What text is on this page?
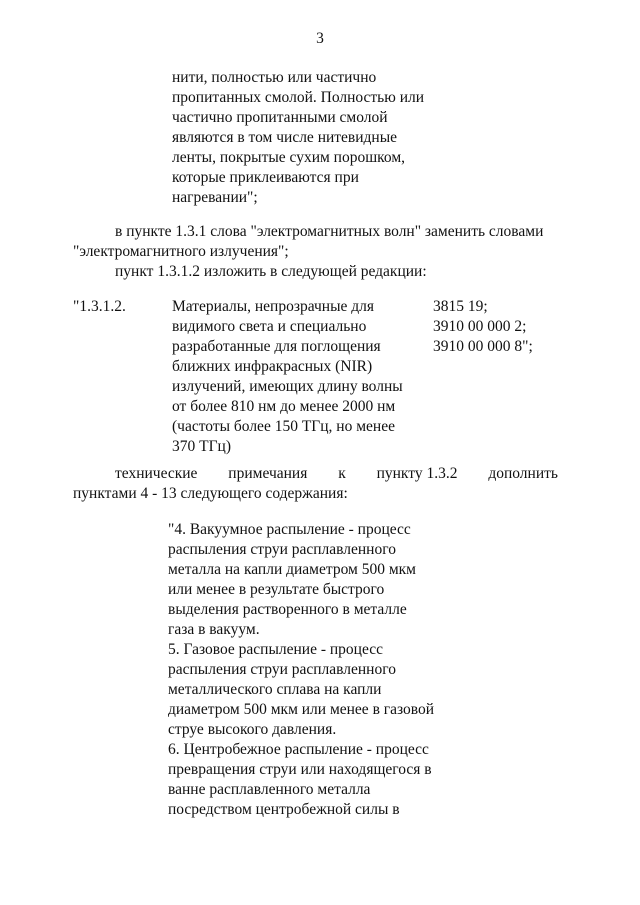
3
нити, полностью или частично
пропитанных смолой. Полностью или
частично пропитанными смолой
являются в том числе нитевидные
ленты, покрытые сухим порошком,
которые приклеиваются при
нагревании";
в пункте 1.3.1 слова "электромагнитных волн" заменить словами
"электромагнитного излучения";
пункт 1.3.1.2 изложить в следующей редакции:
"1.3.1.2.	Материалы, непрозрачные для
видимого света и специально
разработанные для поглощения
ближних инфракрасных (NIR)
излучений, имеющих длину волны
от более 810 нм до менее 2000 нм
(частоты более 150 ТГц, но менее
370 ТГц)
3815 19;
3910 00 000 2;
3910 00 000 8";
технические примечания к пункту 1.3.2 дополнить
пунктами 4 - 13 следующего содержания:
"4. Вакуумное распыление - процесс
распыления струи расплавленного
металла на капли диаметром 500 мкм
или менее в результате быстрого
выделения растворенного в металле
газа в вакуум.
5. Газовое распыление - процесс
распыления струи расплавленного
металлического сплава на капли
диаметром 500 мкм или менее в газовой
струе высокого давления.
6. Центробежное распыление - процесс
превращения струи или находящегося в
ванне расплавленного металла
посредством центробежной силы в
